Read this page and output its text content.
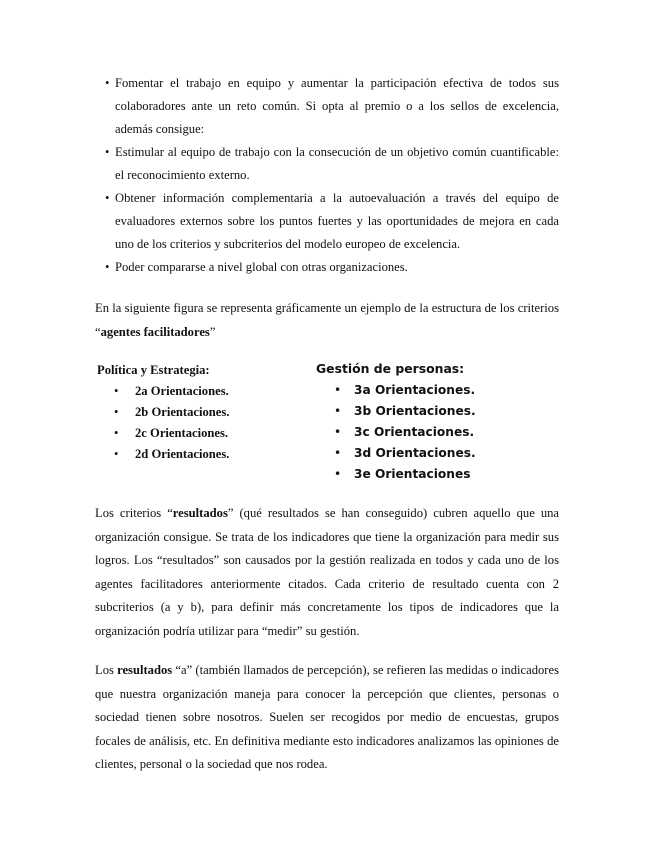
• Fomentar el trabajo en equipo y aumentar la participación efectiva de todos sus colaboradores ante un reto común. Si opta al premio o a los sellos de excelencia, además consigue:
• Estimular al equipo de trabajo con la consecución de un objetivo común cuantificable: el reconocimiento externo.
• Obtener información complementaria a la autoevaluación a través del equipo de evaluadores externos sobre los puntos fuertes y las oportunidades de mejora en cada uno de los criterios y subcriterios del modelo europeo de excelencia.
• Poder compararse a nivel global con otras organizaciones.

En la siguiente figura se representa gráficamente un ejemplo de la estructura de los criterios “agentes facilitadores”

Política y Estrategia:
• 2a Orientaciones.
• 2b Orientaciones.
• 2c Orientaciones.
• 2d Orientaciones.
Gestión de personas:
• 3a Orientaciones.
• 3b Orientaciones.
• 3c Orientaciones.
• 3d Orientaciones.
• 3e Orientaciones

Los criterios “resultados” (qué resultados se han conseguido) cubren aquello que una organización consigue. Se trata de los indicadores que tiene la organización para medir sus logros. Los “resultados” son causados por la gestión realizada en todos y cada uno de los agentes facilitadores anteriormente citados. Cada criterio de resultado cuenta con 2 subcriterios (a y b), para definir más concretamente los tipos de indicadores que la organización podría utilizar para “medir” su gestión.

Los resultados “a” (también llamados de percepción), se refieren las medidas o indicadores que nuestra organización maneja para conocer la percepción que clientes, personas o sociedad tienen sobre nosotros. Suelen ser recogidos por medio de encuestas, grupos focales de análisis, etc. En definitiva mediante esto indicadores analizamos las opiniones de clientes, personal o la sociedad que nos rodea.
